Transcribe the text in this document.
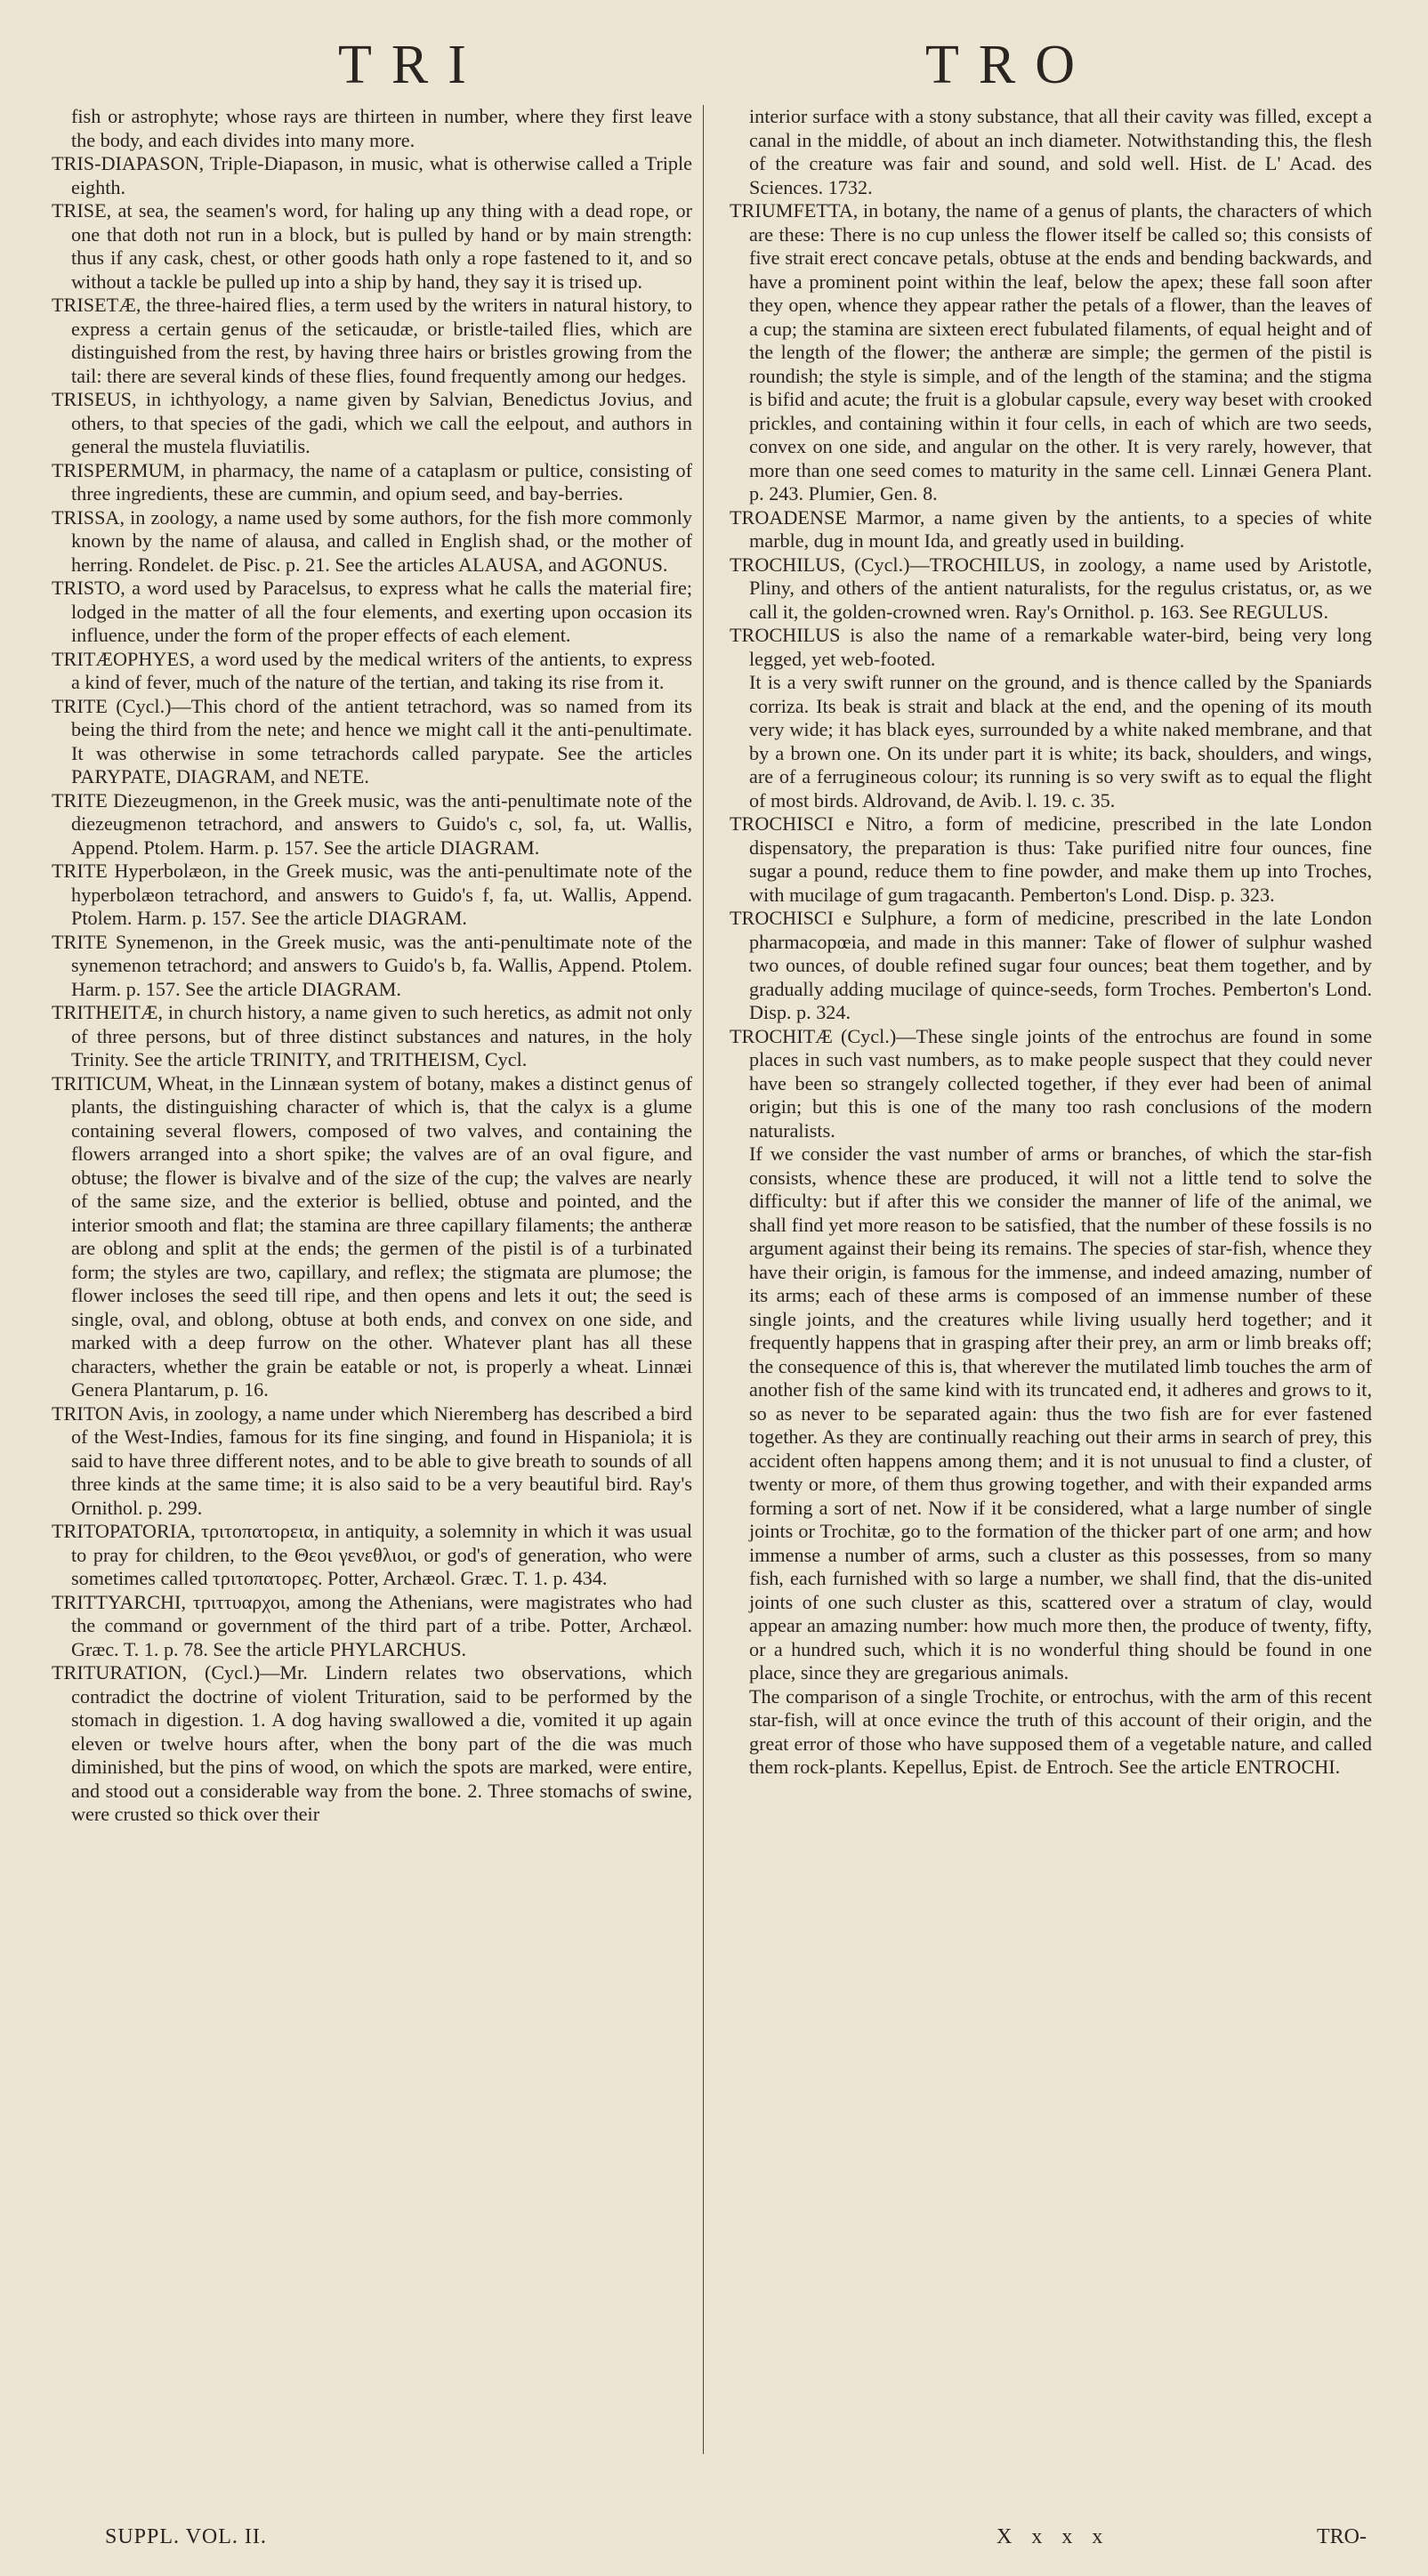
TRI	TRO

fish or astrophyte; whose rays are thirteen in number, where they first leave the body, and each divides into many more.

TRIS-DIAPASON, Triple-Diapason, in music, what is otherwise called a Triple eighth.

TRISE, at sea, the seamen's word, for haling up any thing with a dead rope, or one that doth not run in a block, but is pulled by hand or by main strength: thus if any cask, chest, or other goods hath only a rope fastened to it, and so without a tackle be pulled up into a ship by hand, they say it is trised up.

TRISETÆ, the three-haired flies, a term used by the writers in natural history, to express a certain genus of the seticaudæ, or bristle-tailed flies, which are distinguished from the rest, by having three hairs or bristles growing from the tail: there are several kinds of these flies, found frequently among our hedges.

TRISEUS, in ichthyology, a name given by Salvian, Benedictus Jovius, and others, to that species of the gadi, which we call the eelpout, and authors in general the mustela fluviatilis.

TRISPERMUM, in pharmacy, the name of a cataplasm or pultice, consisting of three ingredients, these are cummin, and opium seed, and bay-berries.

TRISSA, in zoology, a name used by some authors, for the fish more commonly known by the name of alausa, and called in English shad, or the mother of herring. Rondelet. de Pisc. p. 21. See the articles ALAUSA, and AGONUS.

TRISTO, a word used by Paracelsus, to express what he calls the material fire; lodged in the matter of all the four elements, and exerting upon occasion its influence, under the form of the proper effects of each element.

TRITÆOPHYES, a word used by the medical writers of the antients, to express a kind of fever, much of the nature of the tertian, and taking its rise from it.

TRITE (Cycl.)—This chord of the antient tetrachord, was so named from its being the third from the nete; and hence we might call it the anti-penultimate. It was otherwise in some tetrachords called parypate. See the articles PARYPATE, DIAGRAM, and NETE.

TRITE Diezeugmenon, in the Greek music, was the anti-penultimate note of the diezeugmenon tetrachord, and answers to Guido's c, sol, fa, ut. Wallis, Append. Ptolem. Harm. p. 157. See the article DIAGRAM.

TRITE Hyperbolæon, in the Greek music, was the anti-penultimate note of the hyperbolæon tetrachord, and answers to Guido's f, fa, ut. Wallis, Append. Ptolem. Harm. p. 157. See the article DIAGRAM.

TRITE Synemenon, in the Greek music, was the anti-penultimate note of the synemenon tetrachord; and answers to Guido's b, fa. Wallis, Append. Ptolem. Harm. p. 157. See the article DIAGRAM.

TRITHEITÆ, in church history, a name given to such heretics, as admit not only of three persons, but of three distinct substances and natures, in the holy Trinity. See the article TRINITY, and TRITHEISM, Cycl.

TRITICUM, Wheat, in the Linnæan system of botany, makes a distinct genus of plants, the distinguishing character of which is, that the calyx is a glume containing several flowers, composed of two valves, and containing the flowers arranged into a short spike; the valves are of an oval figure, and obtuse; the flower is bivalve and of the size of the cup; the valves are nearly of the same size, and the exterior is bellied, obtuse and pointed, and the interior smooth and flat; the stamina are three capillary filaments; the antheræ are oblong and split at the ends; the germen of the pistil is of a turbinated form; the styles are two, capillary, and reflex; the stigmata are plumose; the flower incloses the seed till ripe, and then opens and lets it out; the seed is single, oval, and oblong, obtuse at both ends, and convex on one side, and marked with a deep furrow on the other. Whatever plant has all these characters, whether the grain be eatable or not, is properly a wheat. Linnæi Genera Plantarum, p. 16.

TRITON Avis, in zoology, a name under which Nieremberg has described a bird of the West-Indies, famous for its fine singing, and found in Hispaniola; it is said to have three different notes, and to be able to give breath to sounds of all three kinds at the same time; it is also said to be a very beautiful bird. Ray's Ornithol. p. 299.

TRITOPATORIA, τριτοπατορεια, in antiquity, a solemnity in which it was usual to pray for children, to the Θεοι γενεθλιοι, or god's of generation, who were sometimes called τριτοπατορες. Potter, Archæol. Græc. T. 1. p. 434.

TRITTYARCHI, τριττυαρχοι, among the Athenians, were magistrates who had the command or government of the third part of a tribe. Potter, Archæol. Græc. T. 1. p. 78. See the article PHYLARCHUS.

TRITURATION, (Cycl.)—Mr. Lindern relates two observations, which contradict the doctrine of violent Trituration, said to be performed by the stomach in digestion. 1. A dog having swallowed a die, vomited it up again eleven or twelve hours after, when the bony part of the die was much diminished, but the pins of wood, on which the spots are marked, were entire, and stood out a considerable way from the bone. 2. Three stomachs of swine, were crusted so thick over their

interior surface with a stony substance, that all their cavity was filled, except a canal in the middle, of about an inch diameter. Notwithstanding this, the flesh of the creature was fair and sound, and sold well. Hist. de L' Acad. des Sciences. 1732.

TRIUMFETTA, in botany, the name of a genus of plants, the characters of which are these: There is no cup unless the flower itself be called so; this consists of five strait erect concave petals, obtuse at the ends and bending backwards, and have a prominent point within the leaf, below the apex; these fall soon after they open, whence they appear rather the petals of a flower, than the leaves of a cup; the stamina are sixteen erect fubulated filaments, of equal height and of the length of the flower; the antheræ are simple; the germen of the pistil is roundish; the style is simple, and of the length of the stamina; and the stigma is bifid and acute; the fruit is a globular capsule, every way beset with crooked prickles, and containing within it four cells, in each of which are two seeds, convex on one side, and angular on the other. It is very rarely, however, that more than one seed comes to maturity in the same cell. Linnæi Genera Plant. p. 243. Plumier, Gen. 8.

TROADENSE Marmor, a name given by the antients, to a species of white marble, dug in mount Ida, and greatly used in building.

TROCHILUS, (Cycl.)—TROCHILUS, in zoology, a name used by Aristotle, Pliny, and others of the antient naturalists, for the regulus cristatus, or, as we call it, the golden-crowned wren. Ray's Ornithol. p. 163. See REGULUS.

TROCHILUS is also the name of a remarkable water-bird, being very long legged, yet web-footed.

It is a very swift runner on the ground, and is thence called by the Spaniards corriza. Its beak is strait and black at the end, and the opening of its mouth very wide; it has black eyes, surrounded by a white naked membrane, and that by a brown one. On its under part it is white; its back, shoulders, and wings, are of a ferrugineous colour; its running is so very swift as to equal the flight of most birds. Aldrovand, de Avib. l. 19. c. 35.

TROCHISCI e Nitro, a form of medicine, prescribed in the late London dispensatory, the preparation is thus: Take purified nitre four ounces, fine sugar a pound, reduce them to fine powder, and make them up into Troches, with mucilage of gum tragacanth. Pemberton's Lond. Disp. p. 323.

TROCHISCI e Sulphure, a form of medicine, prescribed in the late London pharmacopœia, and made in this manner: Take of flower of sulphur washed two ounces, of double refined sugar four ounces; beat them together, and by gradually adding mucilage of quince-seeds, form Troches. Pemberton's Lond. Disp. p. 324.

TROCHITÆ (Cycl.)—These single joints of the entrochus are found in some places in such vast numbers, as to make people suspect that they could never have been so strangely collected together, if they ever had been of animal origin; but this is one of the many too rash conclusions of the modern naturalists.

If we consider the vast number of arms or branches, of which the star-fish consists, whence these are produced, it will not a little tend to solve the difficulty: but if after this we consider the manner of life of the animal, we shall find yet more reason to be satisfied, that the number of these fossils is no argument against their being its remains. The species of star-fish, whence they have their origin, is famous for the immense, and indeed amazing, number of its arms; each of these arms is composed of an immense number of these single joints, and the creatures while living usually herd together; and it frequently happens that in grasping after their prey, an arm or limb breaks off; the consequence of this is, that wherever the mutilated limb touches the arm of another fish of the same kind with its truncated end, it adheres and grows to it, so as never to be separated again: thus the two fish are for ever fastened together. As they are continually reaching out their arms in search of prey, this accident often happens among them; and it is not unusual to find a cluster, of twenty or more, of them thus growing together, and with their expanded arms forming a sort of net. Now if it be considered, what a large number of single joints or Trochitæ, go to the formation of the thicker part of one arm; and how immense a number of arms, such a cluster as this possesses, from so many fish, each furnished with so large a number, we shall find, that the dis-united joints of one such cluster as this, scattered over a stratum of clay, would appear an amazing number: how much more then, the produce of twenty, fifty, or a hundred such, which it is no wonderful thing should be found in one place, since they are gregarious animals.

The comparison of a single Trochite, or entrochus, with the arm of this recent star-fish, will at once evince the truth of this account of their origin, and the great error of those who have supposed them of a vegetable nature, and called them rock-plants. Kepellus, Epist. de Entroch. See the article ENTROCHI.

SUPPL. VOL. II.	X x x x	TRO-
